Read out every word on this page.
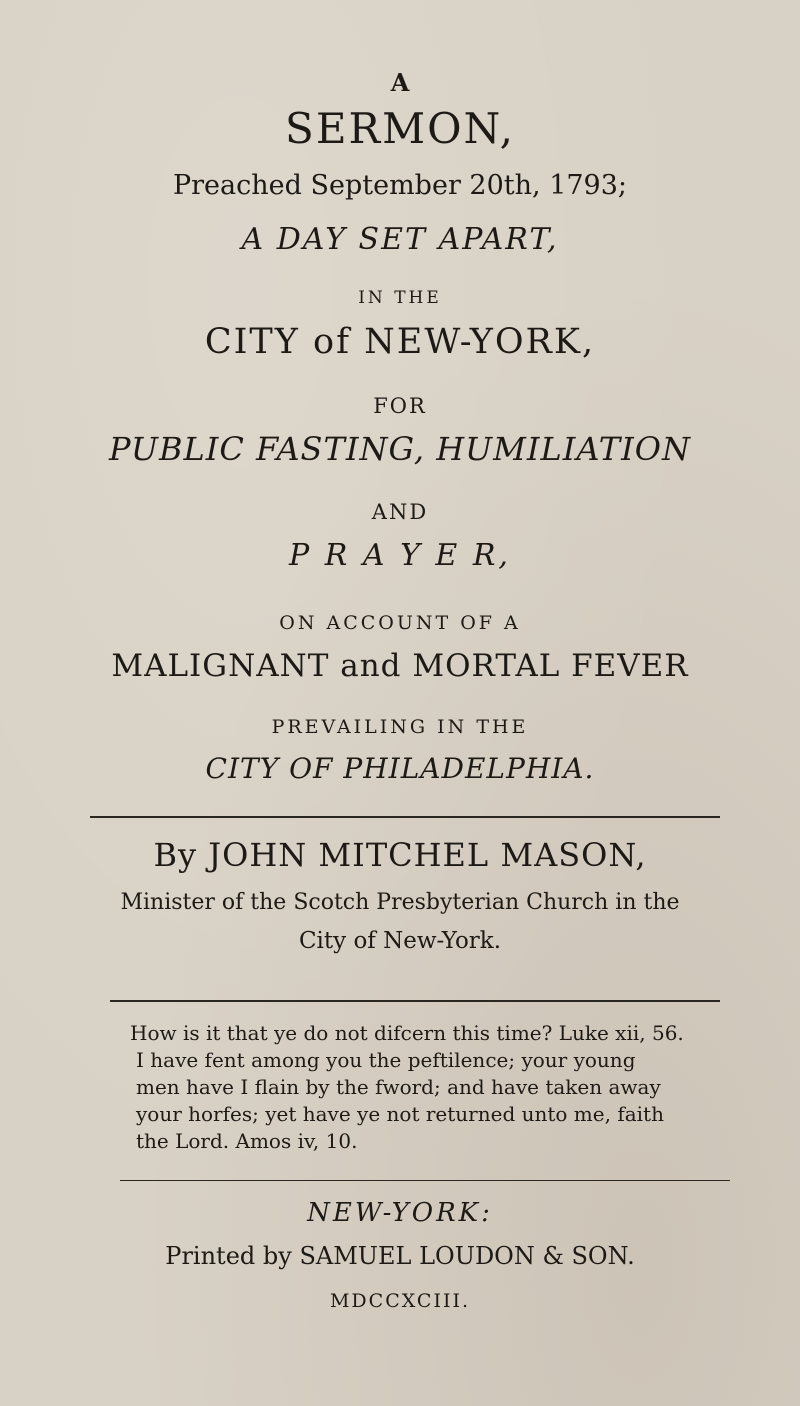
A
SERMON,
Preached September 20th, 1793;
A DAY SET APART,
IN THE
CITY of NEW-YORK,
FOR
PUBLIC FASTING, HUMILIATION
AND
P R A Y E R,
ON ACCOUNT OF A
MALIGNANT and MORTAL FEVER
PREVAILING IN THE
CITY OF PHILADELPHIA.
By JOHN MITCHEL MASON,
Minister of the Scotch Presbyterian Church in the
City of New-York.

How is it that ye do not difcern this time? Luke xii, 56.

I have fent among you the peftilence; your young

men have I flain by the fword; and have taken away

your horfes; yet have ye not returned unto me, faith

the Lord. Amos iv, 10.

NEW-YORK:
Printed by SAMUEL LOUDON & SON.
MDCCXCIII.
